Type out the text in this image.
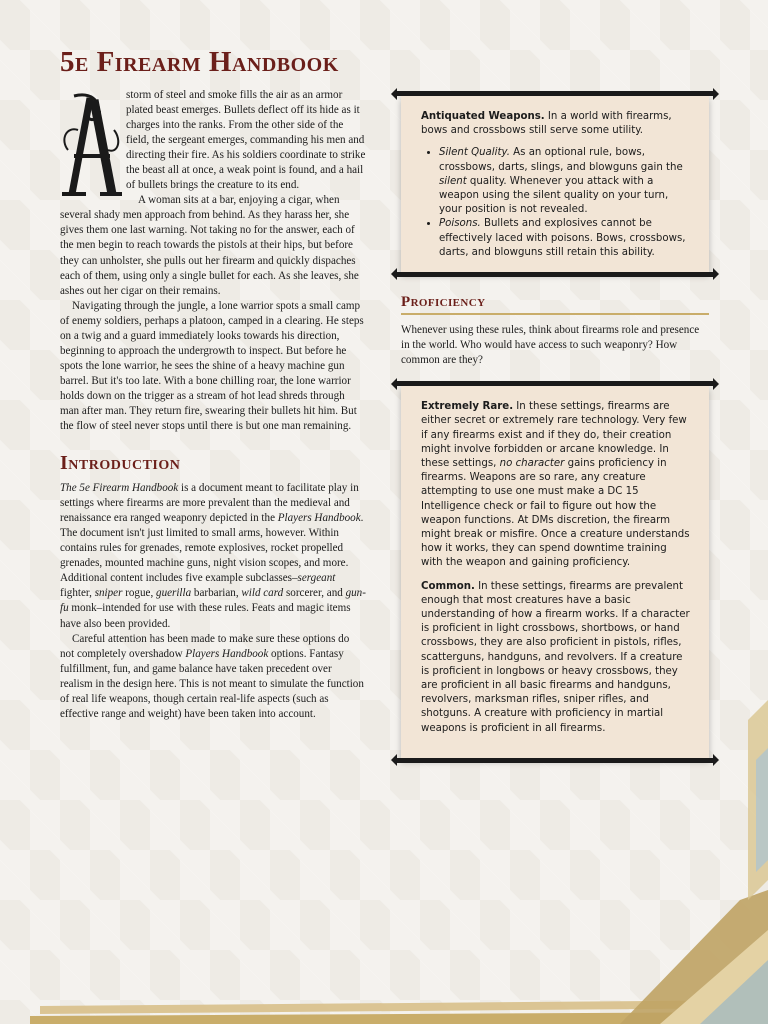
5e Firearm Handbook

storm of steel and smoke fills the air as an armor plated beast emerges. Bullets deflect off its hide as it charges into the ranks. From the other side of the field, the sergeant emerges, commanding his men and directing their fire. As his soldiers coordinate to strike the beast all at once, a weak point is found, and a hail of bullets brings the creature to its end.

A woman sits at a bar, enjoying a cigar, when several shady men approach from behind. As they harass her, she gives them one last warning. Not taking no for the answer, each of the men begin to reach towards the pistols at their hips, but before they can unholster, she pulls out her firearm and quickly dispaches each of them, using only a single bullet for each. As she leaves, she ashes out her cigar on their remains.

Navigating through the jungle, a lone warrior spots a small camp of enemy soldiers, perhaps a platoon, camped in a clearing. He steps on a twig and a guard immediately looks towards his direction, beginning to approach the undergrowth to inspect. But before he spots the lone warrior, he sees the shine of a heavy machine gun barrel. But it's too late. With a bone chilling roar, the lone warrior holds down on the trigger as a stream of hot lead shreds through man after man. They return fire, swearing their bullets hit him. But the flow of steel never stops until there is but one man remaining.

Introduction

The 5e Firearm Handbook is a document meant to facilitate play in settings where firearms are more prevalent than the medieval and renaissance era ranged weaponry depicted in the Players Handbook. The document isn't just limited to small arms, however. Within contains rules for grenades, remote explosives, rocket propelled grenades, mounted machine guns, night vision scopes, and more. Additional content includes five example subclasses–sergeant fighter, sniper rogue, guerilla barbarian, wild card sorcerer, and gun-fu monk–intended for use with these rules. Feats and magic items have also been provided.

Careful attention has been made to make sure these options do not completely overshadow Players Handbook options. Fantasy fulfillment, fun, and game balance have taken precedent over realism in the design here. This is not meant to simulate the function of real life weapons, though certain real-life aspects (such as effective range and weight) have been taken into account.

Antiquated Weapons. In a world with firearms, bows and crossbows still serve some utility.

• Silent Quality. As an optional rule, bows, crossbows, darts, slings, and blowguns gain the silent quality. Whenever you attack with a weapon using the silent quality on your turn, your position is not revealed.
• Poisons. Bullets and explosives cannot be effectively laced with poisons. Bows, crossbows, darts, and blowguns still retain this ability.
Proficiency

Whenever using these rules, think about firearms role and presence in the world. Who would have access to such weaponry? How common are they?

Extremely Rare. In these settings, firearms are either secret or extremely rare technology. Very few if any firearms exist and if they do, their creation might involve forbidden or arcane knowledge. In these settings, no character gains proficiency in firearms. Weapons are so rare, any creature attempting to use one must make a DC 15 Intelligence check or fail to figure out how the weapon functions. At DMs discretion, the firearm might break or misfire. Once a creature understands how it works, they can spend downtime training with the weapon and gaining proficiency.

Common. In these settings, firearms are prevalent enough that most creatures have a basic understanding of how a firearm works. If a character is proficient in light crossbows, shortbows, or hand crossbows, they are also proficient in pistols, rifles, scatterguns, handguns, and revolvers. If a creature is proficient in longbows or heavy crossbows, they are proficient in all basic firearms and handguns, revolvers, marksman rifles, sniper rifles, and shotguns. A creature with proficiency in martial weapons is proficient in all firearms.
